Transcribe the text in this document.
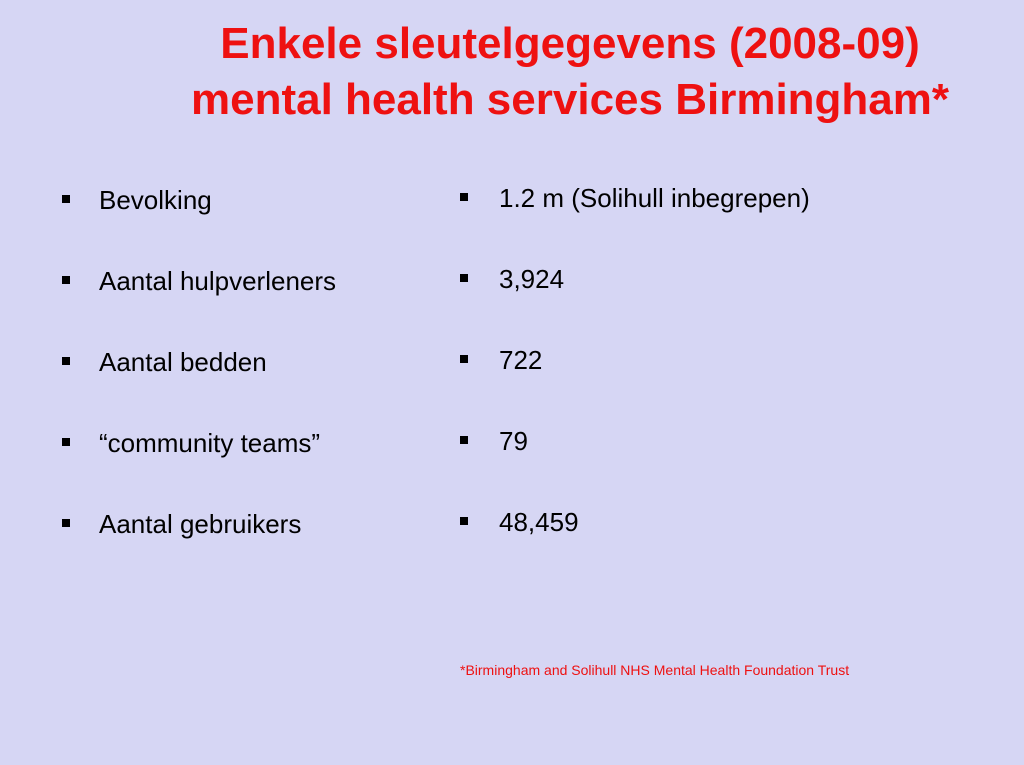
Enkele sleutelgegevens (2008-09)
mental health services Birmingham*
Bevolking
Aantal hulpverleners
Aantal bedden
“community teams”
Aantal gebruikers
1.2 m (Solihull inbegrepen)
3,924
722
79
48,459
*Birmingham and Solihull NHS Mental Health Foundation Trust
